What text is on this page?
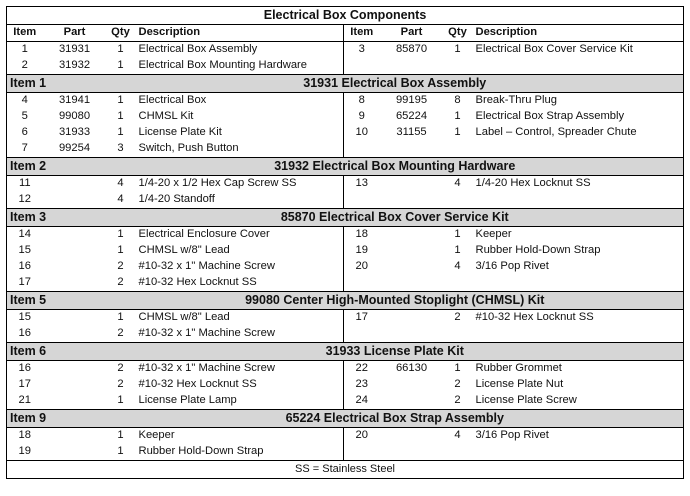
Electrical Box Components							
Item	Part	Qty	Description	Item	Part	Qty	Description
1	31931	1	Electrical Box Assembly	3	85870	1	Electrical Box Cover Service Kit
2	31932	1	Electrical Box Mounting Hardware				
Item 1		31931 Electrical Box Assembly					
4	31941	1	Electrical Box	8	99195	8	Break-Thru Plug
5	99080	1	CHMSL Kit	9	65224	1	Electrical Box Strap Assembly
6	31933	1	License Plate Kit	10	31155	1	Label – Control, Spreader Chute
7	99254	3	Switch, Push Button				
Item 2		31932 Electrical Box Mounting Hardware					
11		4	1/4-20 x 1/2 Hex Cap Screw SS	13		4	1/4-20 Hex Locknut SS
12		4	1/4-20 Standoff				
Item 3		85870 Electrical Box Cover Service Kit					
14		1	Electrical Enclosure Cover	18		1	Keeper
15		1	CHMSL w/8" Lead	19		1	Rubber Hold-Down Strap
16		2	#10-32 x 1" Machine Screw	20		4	3/16 Pop Rivet
17		2	#10-32 Hex Locknut SS				
Item 5		99080 Center High-Mounted Stoplight (CHMSL) Kit					
15		1	CHMSL w/8" Lead	17		2	#10-32 Hex Locknut SS
16		2	#10-32 x 1" Machine Screw				
Item 6		31933 License Plate Kit					
16		2	#10-32 x 1" Machine Screw	22	66130	1	Rubber Grommet
17		2	#10-32 Hex Locknut SS	23		2	License Plate Nut
21		1	License Plate Lamp	24		2	License Plate Screw
Item 9		65224 Electrical Box Strap Assembly					
18		1	Keeper	20		4	3/16 Pop Rivet
19		1	Rubber Hold-Down Strap				
SS = Stainless Steel							
